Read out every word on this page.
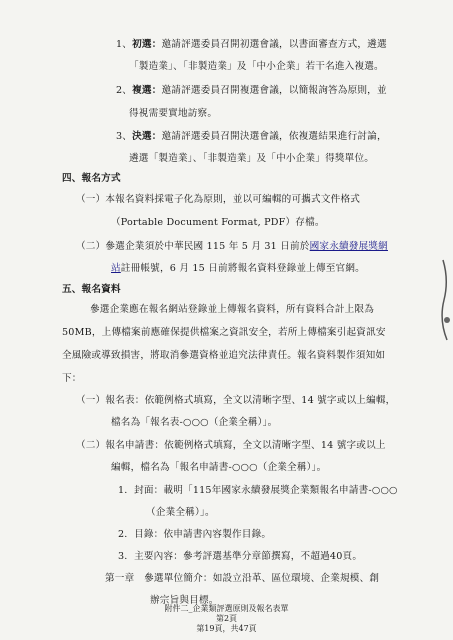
1、初選：邀請評選委員召開初選會議，以書面審查方式，遴選
「製造業」、「非製造業」及「中小企業」若干名進入複選。
2、複選：邀請評選委員召開複選會議，以簡報詢答為原則，並
得視需要實地訪察。
3、決選：邀請評選委員召開決選會議，依複選結果進行討論，
遴選「製造業」、「非製造業」及「中小企業」得獎單位。
四、報名方式
（一）本報名資料採電子化為原則，並以可編輯的可攜式文件格式
（Portable Document Format, PDF）存檔。
（二）參選企業須於中華民國 115 年 5 月 31 日前於國家永續發展獎網
站註冊帳號，6 月 15 日前將報名資料登錄並上傳至官網。
五、報名資料
參選企業應在報名網站登錄並上傳報名資料，所有資料合計上限為
50MB，上傳檔案前應確保提供檔案之資訊安全，若所上傳檔案引起資訊安
全風險或導致損害，將取消參選資格並追究法律責任。報名資料製作須知如
下：
（一）報名表：依範例格式填寫，全文以清晰字型、14 號字或以上編輯，
檔名為「報名表-○○○（企業全稱）」。
（二）報名申請書：依範例格式填寫，全文以清晰字型、14 號字或以上
編輯，檔名為「報名申請書-○○○（企業全稱）」。
1. 封面：載明「115年國家永續發展獎企業類報名申請書-○○○
（企業全稱）」。
2. 目錄：依申請書內容製作目錄。
3. 主要內容：參考評選基準分章節撰寫，不超過40頁。
第一章 參選單位簡介：如設立沿革、區位環境、企業規模、創
辦宗旨與目標。
附件二_企業類評選原則及報名表單
第2頁
第19頁，共47頁
